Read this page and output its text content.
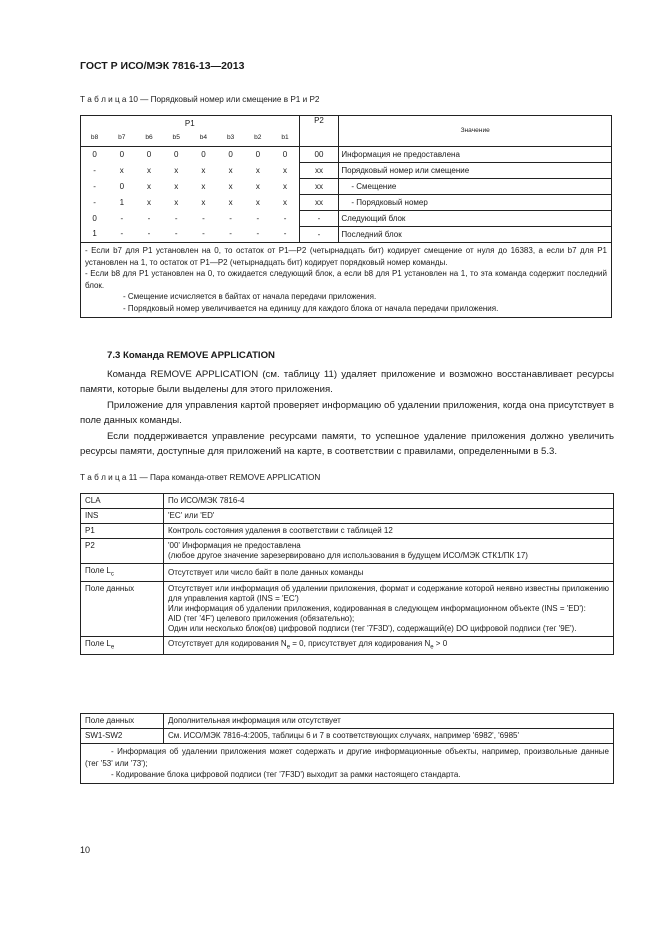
ГОСТ Р ИСО/МЭК 7816-13—2013
Т а б л и ц а 10 — Порядковый номер или смещение в P1 и P2
P1								P2	Значение
b8	b7	b6	b5	b4	b3	b2	b1		
0	0	0	0	0	0	0	0	00	Информация не предоставлена
-	x	x	x	x	x	x	x	xx	Порядковый номер или смещение
-	0	x	x	x	x	x	x	xx	- Смещение
-	1	x	x	x	x	x	x	xx	- Порядковый номер
0	-	-	-	-	-	-	-	-	Следующий блок
1	-	-	-	-	-	-	-	-	Последний блок

- Если b7 для P1 установлен на 0, то остаток от P1—P2 (четырнадцать бит) кодирует смещение от нуля до 16383, а если b7 для P1 установлен на 1, то остаток от P1—P2 (четырнадцать бит) кодирует порядковый номер команды.
- Если b8 для P1 установлен на 0, то ожидается следующий блок, а если b8 для P1 установлен на 1, то эта команда содержит последний блок.
- Смещение исчисляется в байтах от начала передачи приложения.
- Порядковый номер увеличивается на единицу для каждого блока от начала передачи приложения.									
7.3 Команда REMOVE APPLICATION
Команда REMOVE APPLICATION (см. таблицу 11) удаляет приложение и возможно восстанавливает ресурсы памяти, которые были выделены для этого приложения.
Приложение для управления картой проверяет информацию об удалении приложения, когда она присутствует в поле данных команды.
Если поддерживается управление ресурсами памяти, то успешное удаление приложения должно увеличить ресурсы памяти, доступные для приложений на карте, в соответствии с правилами, определенными в 5.3.
Т а б л и ц а 11 — Пара команда-ответ REMOVE APPLICATION
CLA	По ИСО/МЭК 7816-4
INS	'EC' или 'ED'
P1	Контроль состояния удаления в соответствии с таблицей 12
P2	'00' Информация не предоставлена
(любое другое значение зарезервировано для использования в будущем ИСО/МЭК СТК1/ПК 17)

Поле $L_c$	Отсутствует или число байт в поле данных команды
Поле данных	Отсутствует или информация об удалении приложения, формат и содержание которой неявно известны приложению для управления картой (INS = 'EC')
Или информация об удалении приложения, кодированная в следующем информационном объекте (INS = 'ED'):
AID (тег '4F') целевого приложения (обязательно);
Один или несколько блок(ов) цифровой подписи (тег '7F3D'), содержащий(е) DO цифровой подписи (тег '9E').

Поле $L_e$	Отсутствует для кодирования $N_e = 0$, присутствует для кодирования $N_e > 0$
Поле данных	Дополнительная информация или отсутствует
SW1-SW2	См. ИСО/МЭК 7816-4:2005, таблицы 6 и 7 в соответствующих случаях, например '6982', '6985'

- Информация об удалении приложения может содержать и другие информационные объекты, например, произвольные данные (тег '53' или '73');
- Кодирование блока цифровой подписи (тег '7F3D') выходит за рамки настоящего стандарта.	
10
